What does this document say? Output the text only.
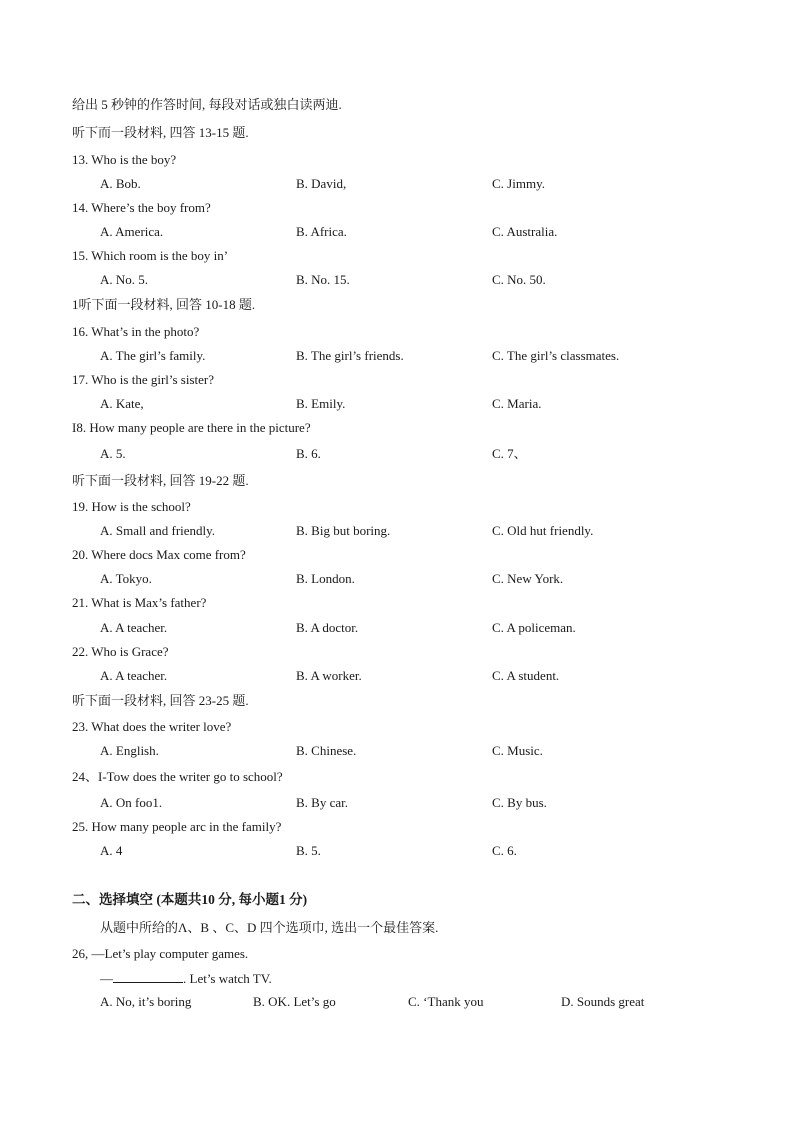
给出 5 秒钟的作答时间, 每段对话或独白读两迪.
听下而一段材料, 四答 13-15 题.
13. Who is the boy?
A. Bob.	B. David,	C. Jimmy.
14. Where’s the boy from?
A. America.	B. Africa.	C. Australia.
15. Which room is the boy in’
A. No. 5.	B. No. 15.	C. No. 50.
1听下面一段材料, 回答 10-18 题.
16. What’s in the photo?
A. The girl’s family.	B. The girl’s friends.	C. The girl’s classmates.
17. Who is the girl’s sister?
A. Kate,	B. Emily.	C. Maria.
I8. How many people are there in the picture?
A. 5.	B. 6.	C. 7、
听下面一段材料, 回答 19-22 题.
19. How is the school?
A. Small and friendly.	B. Big but boring.	C. Old hut friendly.
20. Where docs Max come from?
A. Tokyo.	B. London.	C. New York.
21. What is Max’s father?
A. A teacher.	B. A doctor.	C. A policeman.
22. Who is Grace?
A. A teacher.	B. A worker.	C. A student.
听下面一段材料, 回答 23-25 题.
23. What does the writer love?
A. English.	B. Chinese.	C. Music.
24、I-Tow does the writer go to school?
A. On foo1.	B. By car.	C. By bus.
25. How many people arc in the family?
A. 4	B. 5.	C. 6.
二、选择填空 (本题共10 分, 每小题1 分)
从题中所给的Λ、B 、C、D 四个选项巾, 选出一个最佳答案.
26, —Let’s play computer games.
—	. Let’s watch TV.
A. No, it’s boring	B. OK. Let’s go	C. ‘Thank you	D. Sounds great
